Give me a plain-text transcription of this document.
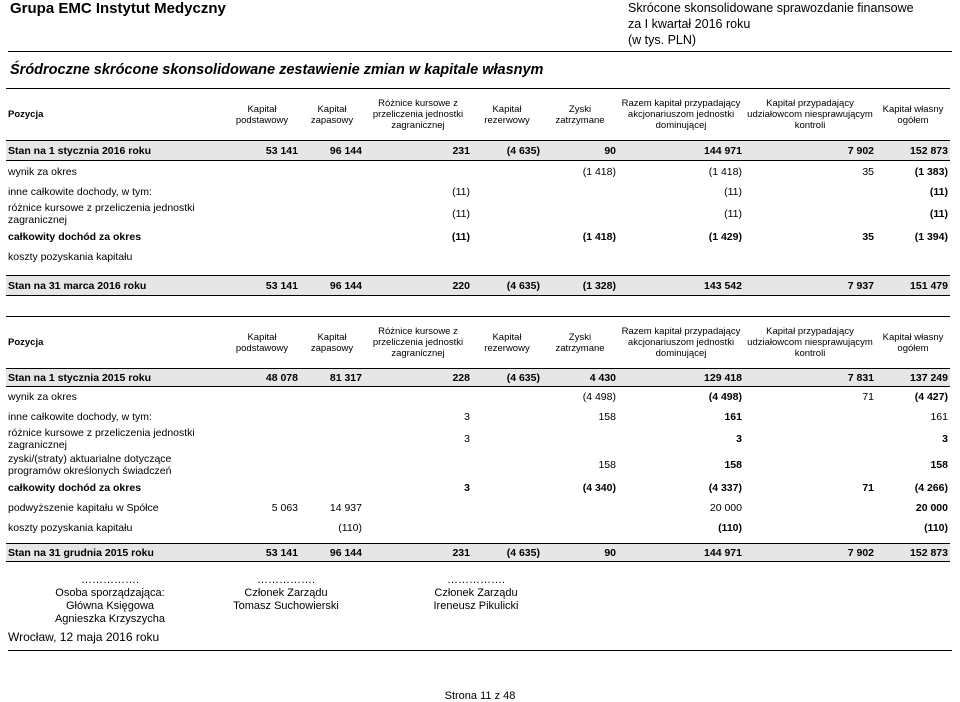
Grupa EMC Instytut Medyczny	Skrócone skonsolidowane sprawozdanie finansowe
za I kwartał 2016 roku
(w tys. PLN)
Śródroczne skrócone skonsolidowane zestawienie zmian w kapitale własnym
Pozycja	Kapitał podstawowy	Kapitał zapasowy	Różnice kursowe z przeliczenia jednostki zagranicznej	Kapitał rezerwowy	Zyski zatrzymane	Razem kapitał przypadający akcjonariuszom jednostki dominującej	Kapitał przypadający udziałowcom niesprawującym kontroli	Kapitał własny ogółem
Stan na 1 stycznia 2016 roku	53 141	96 144	231	(4 635)	90	144 971	7 902	152 873
wynik za okres					(1 418)	(1 418)	35	(1 383)
inne całkowite dochody, w tym:			(11)			(11)		(11)
różnice kursowe z przeliczenia jednostki zagranicznej			(11)			(11)		(11)
całkowity dochód za okres			(11)		(1 418)	(1 429)	35	(1 394)
koszty pozyskania kapitału								

Stan na 31 marca 2016 roku	53 141	96 144	220	(4 635)	(1 328)	143 542	7 937	151 479
Pozycja	Kapitał podstawowy	Kapitał zapasowy	Różnice kursowe z przeliczenia jednostki zagranicznej	Kapitał rezerwowy	Zyski zatrzymane	Razem kapitał przypadający akcjonariuszom jednostki dominującej	Kapitał przypadający udziałowcom niesprawującym kontroli	Kapitał własny ogółem
Stan na 1 stycznia 2015 roku	48 078	81 317	228	(4 635)	4 430	129 418	7 831	137 249
wynik za okres					(4 498)	(4 498)	71	(4 427)
inne całkowite dochody, w tym:			3		158	161		161
różnice kursowe z przeliczenia jednostki zagranicznej			3			3		3
zyski/(straty) aktuarialne dotyczące programów określonych świadczeń					158	158		158
całkowity dochód za okres			3		(4 340)	(4 337)	71	(4 266)
podwyższenie kapitału w Spółce	5 063	14 937				20 000		20 000
koszty pozyskania kapitału		(110)				(110)		(110)

Stan na 31 grudnia 2015 roku	53 141	96 144	231	(4 635)	90	144 971	7 902	152 873
…………….
Osoba sporządzająca:
Główna Księgowa
Agnieszka Krzyszycha
…………….
Członek Zarządu
Tomasz Suchowierski
…………….
Członek Zarządu
Ireneusz Pikulicki
Wrocław, 12 maja 2016 roku
Strona 11 z 48
